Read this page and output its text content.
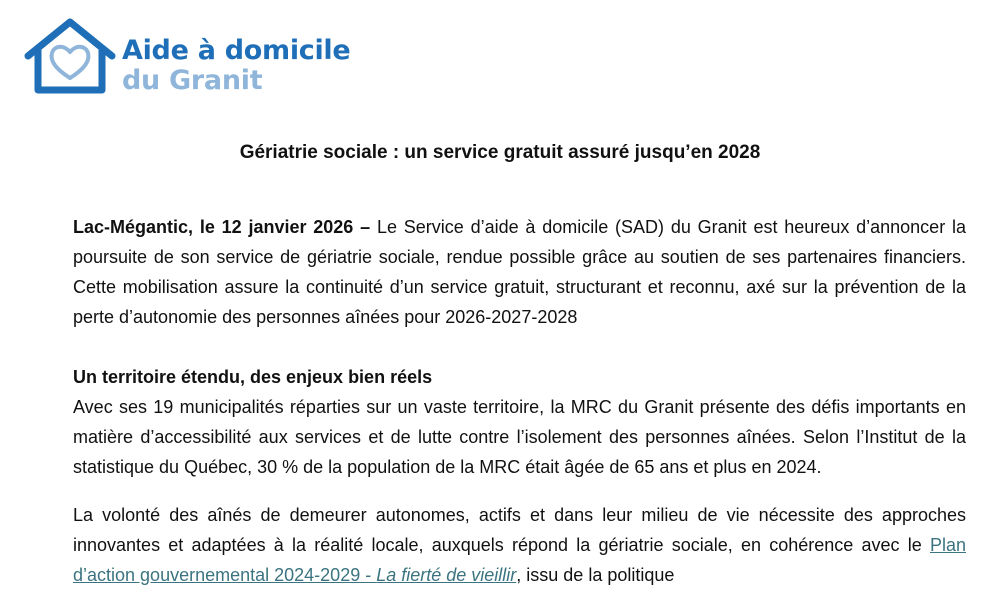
Aide à domicile
du Granit
Gériatrie sociale : un service gratuit assuré jusqu’en 2028

Lac-Mégantic, le 12 janvier 2026 – Le Service d’aide à domicile (SAD) du Granit est heureux d’annoncer la poursuite de son service de gériatrie sociale, rendue possible grâce au soutien de ses partenaires financiers. Cette mobilisation assure la continuité d’un service gratuit, structurant et reconnu, axé sur la prévention de la perte d’autonomie des personnes aînées pour 2026-2027-2028

Un territoire étendu, des enjeux bien réels

Avec ses 19 municipalités réparties sur un vaste territoire, la MRC du Granit présente des défis importants en matière d’accessibilité aux services et de lutte contre l’isolement des personnes aînées. Selon l’Institut de la statistique du Québec, 30 % de la population de la MRC était âgée de 65 ans et plus en 2024.

La volonté des aînés de demeurer autonomes, actifs et dans leur milieu de vie nécessite des approches innovantes et adaptées à la réalité locale, auxquels répond la gériatrie sociale, en cohérence avec le Plan d’action gouvernemental 2024-2029 - La fierté de vieillir, issu de la politique
